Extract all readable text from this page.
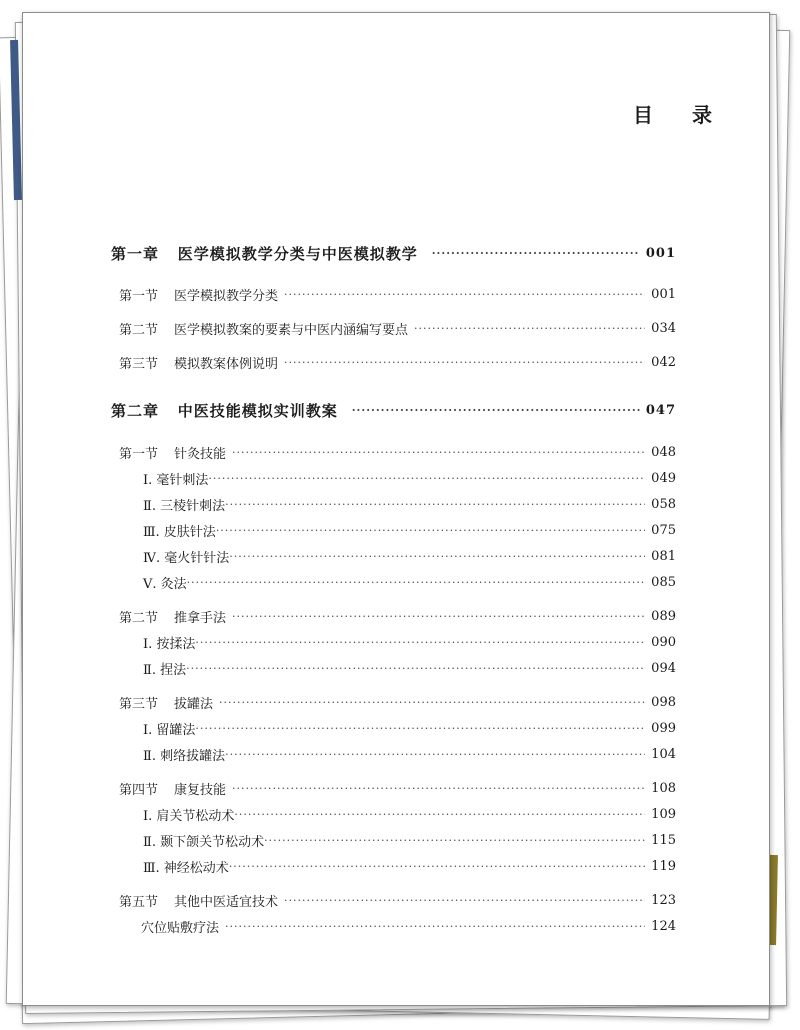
目 录
第一章 医学模拟教学分类与中医模拟教学 ·····	001
第一节 医学模拟教学分类 ·····	001
第二节 医学模拟教案的要素与中医内涵编写要点 ·····	034
第三节 模拟教案体例说明 ·····	042
第二章 中医技能模拟实训教案 ·····	047
第一节 针灸技能 ·····	048
Ⅰ. 毫针刺法 ·····	049
Ⅱ. 三棱针刺法 ·····	058
Ⅲ. 皮肤针法 ·····	075
Ⅳ. 毫火针针法 ·····	081
Ⅴ. 灸法 ·····	085
第二节 推拿手法 ·····	089
Ⅰ. 按揉法 ·····	090
Ⅱ. 捏法 ·····	094
第三节 拔罐法 ·····	098
Ⅰ. 留罐法 ·····	099
Ⅱ. 刺络拔罐法 ·····	104
第四节 康复技能 ·····	108
Ⅰ. 肩关节松动术 ·····	109
Ⅱ. 颞下颌关节松动术 ·····	115
Ⅲ. 神经松动术 ·····	119
第五节 其他中医适宜技术 ·····	123
穴位贴敷疗法 ·····	124
